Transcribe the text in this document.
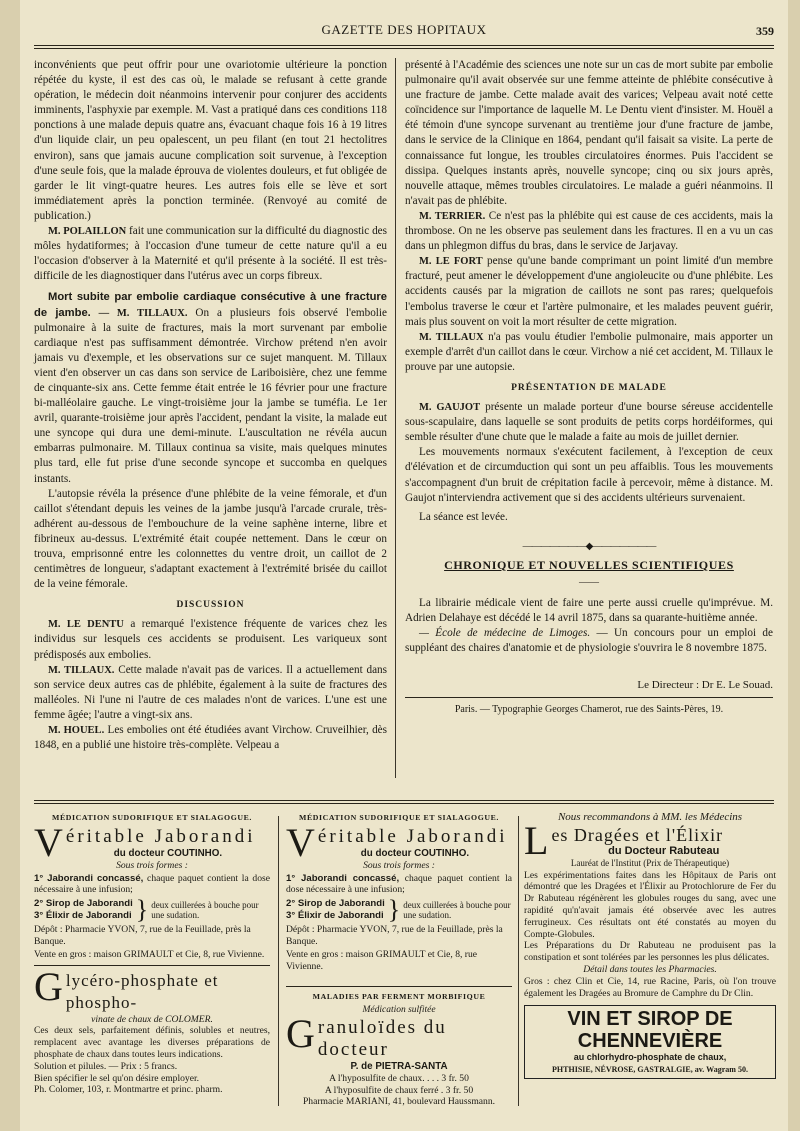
GAZETTE DES HOPITAUX	359

inconvénients que peut offrir pour une ovariotomie ultérieure la ponction répétée du kyste, il est des cas où, le malade se refusant à cette grande opération, le médecin doit néanmoins intervenir pour conjurer des accidents imminents, l'asphyxie par exemple. M. Vast a pratiqué dans ces conditions 118 ponctions à une malade depuis quatre ans, évacuant chaque fois 16 à 19 litres d'un liquide clair, un peu opalescent, un peu filant (en tout 21 hectolitres environ), sans que jamais aucune complication soit survenue, à l'exception d'une seule fois, que la malade éprouva de violentes douleurs, et fut obligée de garder le lit vingt-quatre heures. Les autres fois elle se lève et sort immédiatement après la ponction terminée. (Renvoyé au comité de publication.)

M. POLAILLON fait une communication sur la difficulté du diagnostic des môles hydatiformes; à l'occasion d'une tumeur de cette nature qu'il a eu l'occasion d'observer à la Maternité et qu'il présente à la société. Il est très-difficile de les diagnostiquer dans l'utérus avec un corps fibreux.

Mort subite par embolie cardiaque consécutive à une fracture de jambe. — M. TILLAUX. On a plusieurs fois observé l'embolie pulmonaire à la suite de fractures, mais la mort survenant par embolie cardiaque n'est pas suffisamment démontrée. Virchow prétend n'en avoir jamais vu d'exemple, et les observations sur ce sujet manquent. M. Tillaux vient d'en observer un cas dans son service de Lariboisière, chez une femme de cinquante-six ans. Cette femme était entrée le 16 février pour une fracture bi-malléolaire gauche. Le vingt-troisième jour la jambe se tuméfia. Le 1er avril, quarante-troisième jour après l'accident, pendant la visite, la malade eut une syncope qui dura une demi-minute. L'auscultation ne révéla aucun embarras pulmonaire. M. Tillaux continua sa visite, mais quelques minutes plus tard, elle fut prise d'une seconde syncope et succomba en quelques instants.

L'autopsie révéla la présence d'une phlébite de la veine fémorale, et d'un caillot s'étendant depuis les veines de la jambe jusqu'à l'arcade crurale, très-adhérent au-dessous de l'embouchure de la veine saphène interne, libre et fibrineux au-dessus. L'extrémité était coupée nettement. Dans le cœur on trouva, emprisonné entre les colonnettes du ventre droit, un caillot de 2 centimètres de longueur, s'adaptant exactement à l'extrémité brisée du caillot de la veine fémorale.

DISCUSSION

M. LE DENTU a remarqué l'existence fréquente de varices chez les individus sur lesquels ces accidents se produisent. Les variqueux sont prédisposés aux embolies.

M. TILLAUX. Cette malade n'avait pas de varices. Il a actuellement dans son service deux autres cas de phlébite, également à la suite de fractures des malléoles. Ni l'une ni l'autre de ces malades n'ont de varices. L'une est une femme âgée; l'autre a vingt-six ans.

M. HOUEL. Les embolies ont été étudiées avant Virchow. Cruveilhier, dès 1848, en a publié une histoire très-complète. Velpeau a

présenté à l'Académie des sciences une note sur un cas de mort subite par embolie pulmonaire qu'il avait observée sur une femme atteinte de phlébite consécutive à une fracture de jambe. Cette malade avait des varices; Velpeau avait noté cette coïncidence sur l'importance de laquelle M. Le Dentu vient d'insister. M. Houël a été témoin d'une syncope survenant au trentième jour d'une fracture de jambe, dans le service de la Clinique en 1864, pendant qu'il faisait sa visite. La perte de connaissance fut longue, les troubles circulatoires énormes. Puis l'accident se dissipa. Quelques instants après, nouvelle syncope; cinq ou six jours après, nouvelle attaque, mêmes troubles circulatoires. Le malade a guéri néanmoins. Il n'avait pas de phlébite.

M. TERRIER. Ce n'est pas la phlébite qui est cause de ces accidents, mais la thrombose. On ne les observe pas seulement dans les fractures. Il en a vu un cas dans un phlegmon diffus du bras, dans le service de Jarjavay.

M. LE FORT pense qu'une bande comprimant un point limité d'un membre fracturé, peut amener le développement d'une angioleucite ou d'une phlébite. Les accidents causés par la migration de caillots ne sont pas rares; quelquefois l'embolus traverse le cœur et l'artère pulmonaire, et les malades peuvent guérir, mais plus souvent on voit la mort résulter de cette migration.

M. TILLAUX n'a pas voulu étudier l'embolie pulmonaire, mais apporter un exemple d'arrêt d'un caillot dans le cœur. Virchow a nié cet accident, M. Tillaux le prouve par une autopsie.

PRÉSENTATION DE MALADE

M. GAUJOT présente un malade porteur d'une bourse séreuse accidentelle sous-scapulaire, dans laquelle se sont produits de petits corps hordéiformes, qui semble résulter d'une chute que le malade a faite au mois de juillet dernier.

Les mouvements normaux s'exécutent facilement, à l'exception de ceux d'élévation et de circumduction qui sont un peu affaiblis. Tous les mouvements s'accompagnent d'un bruit de crépitation facile à percevoir, même à distance. M. Gaujot n'interviendra activement que si des accidents ultérieurs survenaient.

La séance est levée.

———————◆———————

CHRONIQUE ET NOUVELLES SCIENTIFIQUES

——

La librairie médicale vient de faire une perte aussi cruelle qu'imprévue. M. Adrien Delahaye est décédé le 14 avril 1875, dans sa quarante-huitième année.

— École de médecine de Limoges. — Un concours pour un emploi de suppléant des chaires d'anatomie et de physiologie s'ouvrira le 8 novembre 1875.

Le Directeur : Dr E. Le Souad.

Paris. — Typographie Georges Chamerot, rue des Saints-Pères, 19.

MÉDICATION SUDORIFIQUE ET SIALAGOGUE.
V éritable Jaborandi
du docteur COUTINHO.
Sous trois formes :
1° Jaborandi concassé, chaque paquet contient la dose nécessaire à une infusion;
2° Sirop de Jaborandi
3° Élixir de Jaborandi } deux cuillerées à bouche pour une sudation.
Dépôt : Pharmacie YVON, 7, rue de la Feuillade, près la Banque.
Vente en gros : maison GRIMAULT et Cie, 8, rue Vivienne.
G lycéro-phosphate et phospho-
vinate de chaux de COLOMER.
Ces deux sels, parfaitement définis, solubles et neutres, remplacent avec avantage les diverses préparations de phosphate de chaux dans toutes leurs indications.
Solution et pilules. — Prix : 5 francs.
Bien spécifier le sel qu'on désire employer.
Ph. Colomer, 103, r. Montmartre et princ. pharm.
MÉDICATION SUDORIFIQUE ET SIALAGOGUE.
V éritable Jaborandi
du docteur COUTINHO.
Sous trois formes :
1° Jaborandi concassé, chaque paquet contient la dose nécessaire à une infusion;
2° Sirop de Jaborandi
3° Élixir de Jaborandi } deux cuillerées à bouche pour une sudation.
Dépôt : Pharmacie YVON, 7, rue de la Feuillade, près la Banque.
Vente en gros : maison GRIMAULT et Cie, 8, rue Vivienne.
MALADIES PAR FERMENT MORBIFIQUE
Médication sulfitée
G ranuloïdes du docteur
P. de PIETRA-SANTA
A l'hyposulfite de chaux. . . . 3 fr. 50
A l'hyposulfite de chaux ferré . 3 fr. 50
Pharmacie MARIANI, 41, boulevard Haussmann.
Nous recommandons à MM. les Médecins
L es Dragées et l'Élixir
du Docteur Rabuteau
Lauréat de l'Institut (Prix de Thérapeutique)
Les expérimentations faites dans les Hôpitaux de Paris ont démontré que les Dragées et l'Élixir au Protochlorure de Fer du Dr Rabuteau régénèrent les globules rouges du sang, avec une rapidité qu'n'avait jamais été observée avec les autres ferrugineux. Ces résultats ont été constatés au moyen du Compte-Globules.
Les Préparations du Dr Rabuteau ne produisent pas la constipation et sont tolérées par les personnes les plus délicates.
Détail dans toutes les Pharmacies.
Gros : chez Clin et Cie, 14, rue Racine, Paris, où l'on trouve également les Dragées au Bromure de Camphre du Dr Clin.
VIN ET SIROP DE CHENNEVIÈRE
au chlorhydro-phosphate de chaux,
PHTHISIE, NÉVROSE, GASTRALGIE, av. Wagram 50.
